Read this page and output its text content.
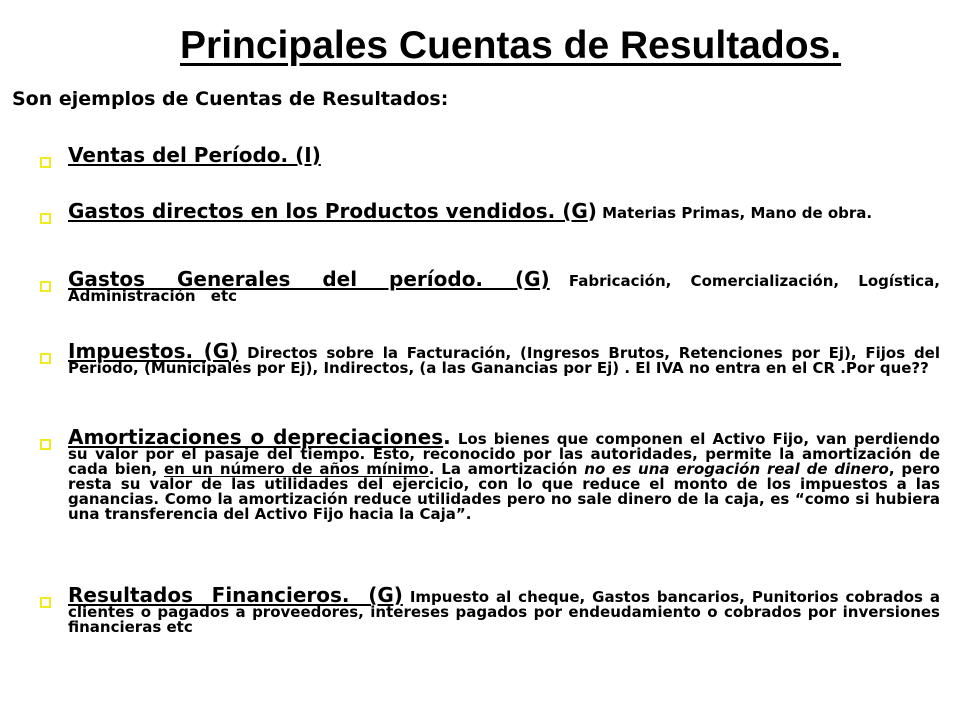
Principales Cuentas de Resultados.
Son ejemplos de Cuentas de Resultados:
Ventas del Período. (I)
Gastos directos en los Productos vendidos. (G) Materias Primas, Mano de obra.
Gastos Generales del período. (G) Fabricación, Comercialización, Logística, Administración etc
Impuestos. (G) Directos sobre la Facturación, (Ingresos Brutos, Retenciones por Ej), Fijos del Período, (Municipales por Ej), Indirectos, (a las Ganancias por Ej) . El IVA no entra en el CR .Por que??
Amortizaciones o depreciaciones. Los bienes que componen el Activo Fijo, van perdiendo su valor por el pasaje del tiempo. Esto, reconocido por las autoridades, permite la amortización de cada bien, en un número de años mínimo. La amortización no es una erogación real de dinero, pero resta su valor de las utilidades del ejercicio, con lo que reduce el monto de los impuestos a las ganancias. Como la amortización reduce utilidades pero no sale dinero de la caja, es “como si hubiera una transferencia del Activo Fijo hacia la Caja”.
Resultados Financieros. (G) Impuesto al cheque, Gastos bancarios, Punitorios cobrados a clientes o pagados a proveedores, intereses pagados por endeudamiento o cobrados por inversiones financieras etc
